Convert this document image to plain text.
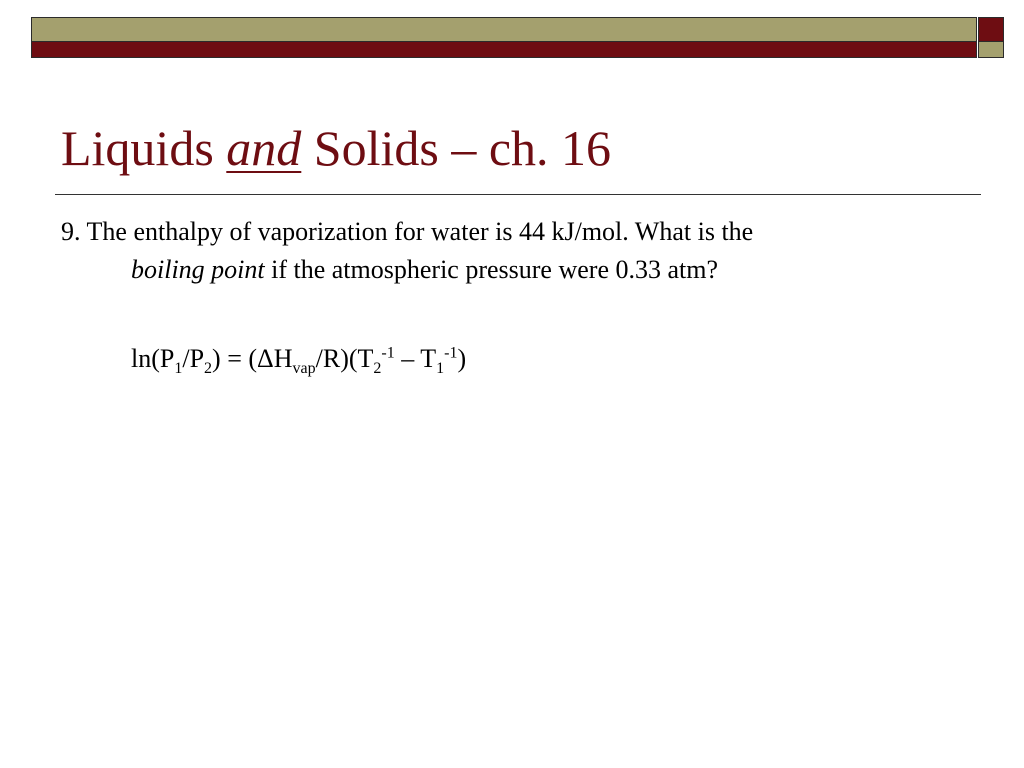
Liquids and Solids – ch. 16

9. The enthalpy of vaporization for water is 44 kJ/mol. What is the
boiling point if the atmospheric pressure were 0.33 atm?

$\ln(P_1/P_2) = (\Delta H_{vap}/R)(T_2^{-1} - T_1^{-1})$
